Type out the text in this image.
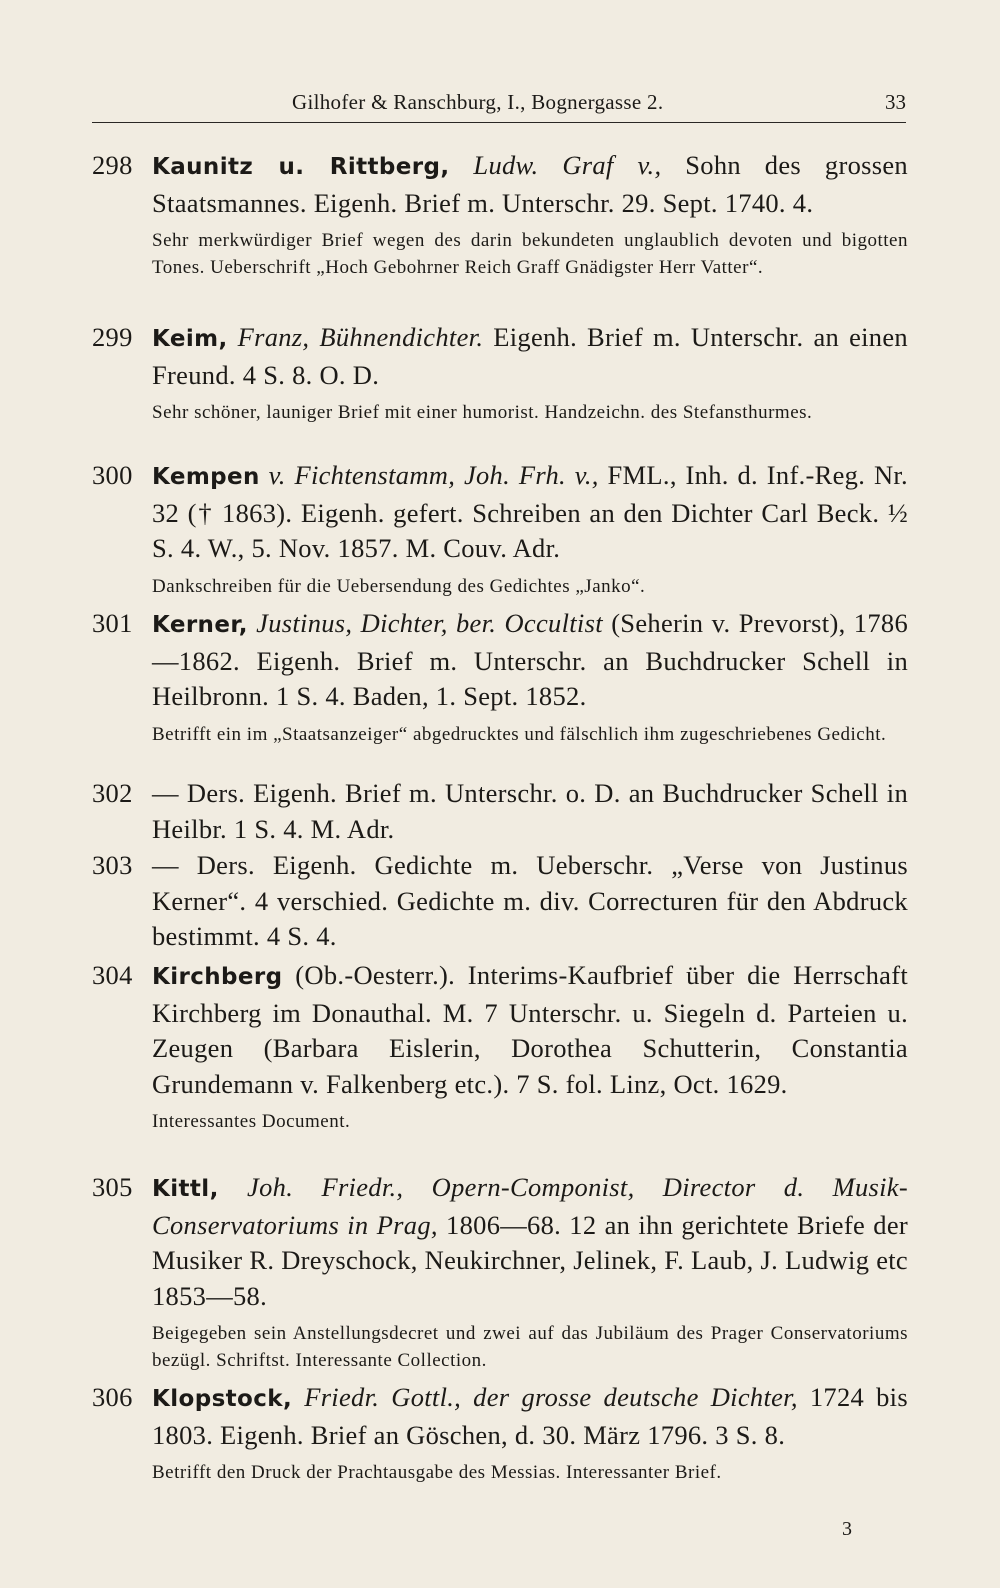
Gilhofer & Ranschburg, I., Bognergasse 2.	33
298 Kaunitz u. Rittberg, Ludw. Graf v., Sohn des grossen Staatsmannes. Eigenh. Brief m. Unterschr. 29. Sept. 1740. 4.
Sehr merkwürdiger Brief wegen des darin bekundeten unglaublich devoten und bigotten Tones. Ueberschrift „Hoch Gebohrner Reich Graff Gnädigster Herr Vatter“.
299 Keim, Franz, Bühnendichter. Eigenh. Brief m. Unterschr. an einen Freund. 4 S. 8. O. D.
Sehr schöner, launiger Brief mit einer humorist. Handzeichn. des Stefansthurmes.
300 Kempen v. Fichtenstamm, Joh. Frh. v., FML., Inh. d. Inf.-Reg. Nr. 32 († 1863). Eigenh. gefert. Schreiben an den Dichter Carl Beck. ½ S. 4. W., 5. Nov. 1857. M. Couv. Adr.
Dankschreiben für die Uebersendung des Gedichtes „Janko“.
301 Kerner, Justinus, Dichter, ber. Occultist (Seherin v. Prevorst), 1786—1862. Eigenh. Brief m. Unterschr. an Buchdrucker Schell in Heilbronn. 1 S. 4. Baden, 1. Sept. 1852.
Betrifft ein im „Staatsanzeiger“ abgedrucktes und fälschlich ihm zugeschriebenes Gedicht.
302 — Ders. Eigenh. Brief m. Unterschr. o. D. an Buchdrucker Schell in Heilbr. 1 S. 4. M. Adr.
303 — Ders. Eigenh. Gedichte m. Ueberschr. „Verse von Justinus Kerner“. 4 verschied. Gedichte m. div. Correcturen für den Abdruck bestimmt. 4 S. 4.
304 Kirchberg (Ob.-Oesterr.). Interims-Kaufbrief über die Herrschaft Kirchberg im Donauthal. M. 7 Unterschr. u. Siegeln d. Parteien u. Zeugen (Barbara Eislerin, Dorothea Schutterin, Constantia Grundemann v. Falkenberg etc.). 7 S. fol. Linz, Oct. 1629.
Interessantes Document.
305 Kittl, Joh. Friedr., Opern-Componist, Director d. Musik-Conservatoriums in Prag, 1806—68. 12 an ihn gerichtete Briefe der Musiker R. Dreyschock, Neukirchner, Jelinek, F. Laub, J. Ludwig etc 1853—58.
Beigegeben sein Anstellungsdecret und zwei auf das Jubiläum des Prager Conservatoriums bezügl. Schriftst. Interessante Collection.
306 Klopstock, Friedr. Gottl., der grosse deutsche Dichter, 1724 bis 1803. Eigenh. Brief an Göschen, d. 30. März 1796. 3 S. 8.
Betrifft den Druck der Prachtausgabe des Messias. Interessanter Brief.
3
